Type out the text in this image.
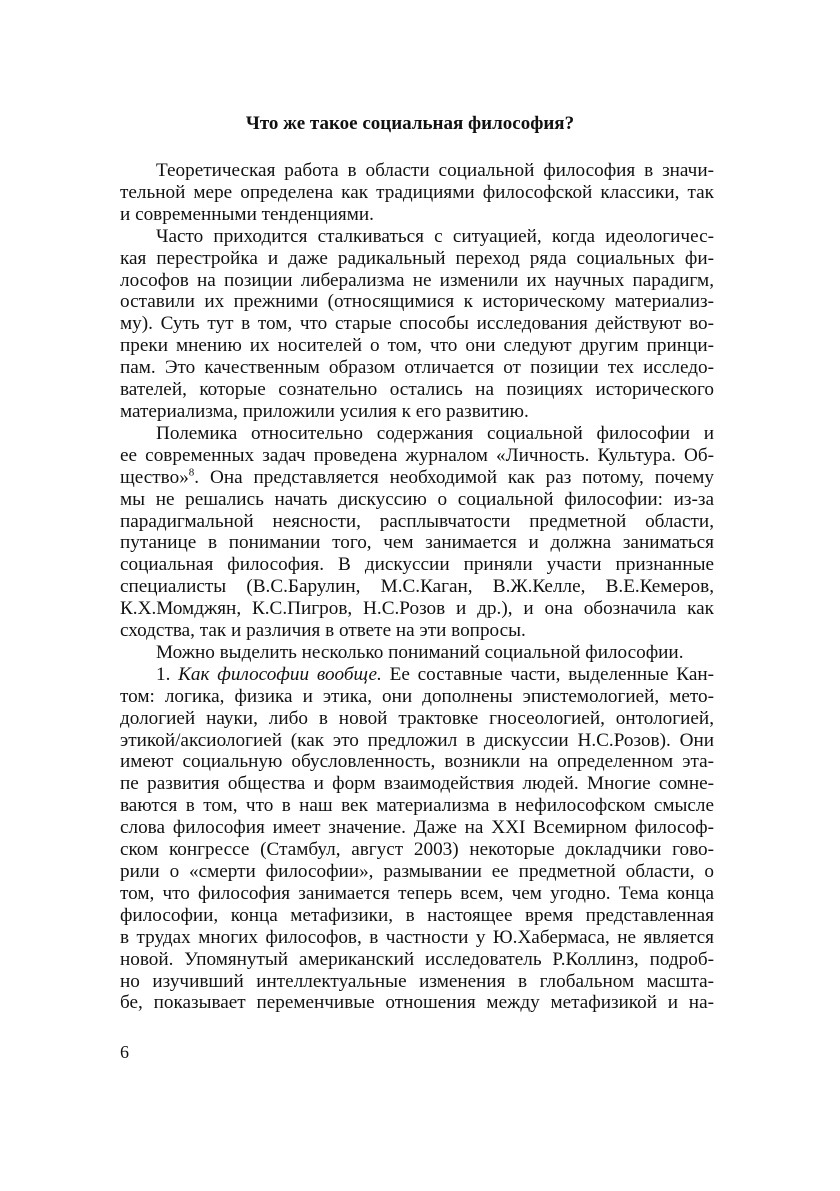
Что же такое социальная философия?
Теоретическая работа в области социальной философия в значи-
тельной мере определена как традициями философской классики, так
и современными тенденциями.
Часто приходится сталкиваться с ситуацией, когда идеологичес-
кая перестройка и даже радикальный переход ряда социальных фи-
лософов на позиции либерализма не изменили их научных парадигм,
оставили их прежними (относящимися к историческому материализ-
му). Суть тут в том, что старые способы исследования действуют во-
преки мнению их носителей о том, что они следуют другим принци-
пам. Это качественным образом отличается от позиции тех исследо-
вателей, которые сознательно остались на позициях исторического
материализма, приложили усилия к его развитию.
Полемика относительно содержания социальной философии и
ее современных задач проведена журналом «Личность. Культура. Об-
щество»$^8$. Она представляется необходимой как раз потому, почему
мы не решались начать дискуссию о социальной философии: из-за
парадигмальной неясности, расплывчатости предметной области,
путанице в понимании того, чем занимается и должна заниматься
социальная философия. В дискуссии приняли участи признанные
специалисты (В.С.Барулин, М.С.Каган, В.Ж.Келле, В.Е.Кемеров,
К.Х.Момджян, К.С.Пигров, Н.С.Розов и др.), и она обозначила как
сходства, так и различия в ответе на эти вопросы.
Можно выделить несколько пониманий социальной философии.
1. Как философии вообще. Ее составные части, выделенные Кан-
том: логика, физика и этика, они дополнены эпистемологией, мето-
дологией науки, либо в новой трактовке гносеологией, онтологией,
этикой/аксиологией (как это предложил в дискуссии Н.С.Розов). Они
имеют социальную обусловленность, возникли на определенном эта-
пе развития общества и форм взаимодействия людей. Многие сомне-
ваются в том, что в наш век материализма в нефилософском смысле
слова философия имеет значение. Даже на XXI Всемирном философ-
ском конгрессе (Стамбул, август 2003) некоторые докладчики гово-
рили о «смерти философии», размывании ее предметной области, о
том, что философия занимается теперь всем, чем угодно. Тема конца
философии, конца метафизики, в настоящее время представленная
в трудах многих философов, в частности у Ю.Хабермаса, не является
новой. Упомянутый американский исследователь Р.Коллинз, подроб-
но изучивший интеллектуальные изменения в глобальном масшта-
бе, показывает переменчивые отношения между метафизикой и на-
6
